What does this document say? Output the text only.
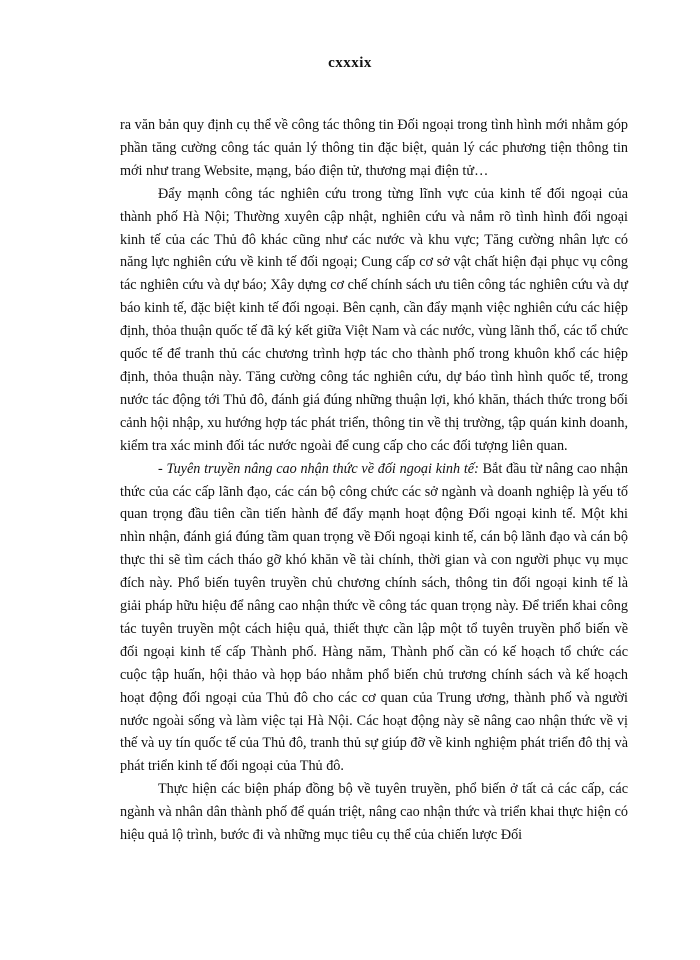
cxxxix

ra văn bản quy định cụ thể về công tác thông tin Đối ngoại trong tình hình mới nhằm góp phần tăng cường công tác quản lý thông tin đặc biệt, quản lý các phương tiện thông tin mới như trang Website, mạng, báo điện tử, thương mại điện tử…

Đẩy mạnh công tác nghiên cứu trong từng lĩnh vực của kinh tế đối ngoại của thành phố Hà Nội; Thường xuyên cập nhật, nghiên cứu và nắm rõ tình hình đối ngoại kinh tế của các Thủ đô khác cũng như các nước và khu vực; Tăng cường nhân lực có năng lực nghiên cứu về kinh tế đối ngoại; Cung cấp cơ sở vật chất hiện đại phục vụ công tác nghiên cứu và dự báo; Xây dựng cơ chế chính sách ưu tiên công tác nghiên cứu và dự báo kinh tế, đặc biệt kinh tế đối ngoại. Bên cạnh, cần đẩy mạnh việc nghiên cứu các hiệp định, thỏa thuận quốc tế đã ký kết giữa Việt Nam và các nước, vùng lãnh thổ, các tổ chức quốc tế để tranh thủ các chương trình hợp tác cho thành phố trong khuôn khổ các hiệp định, thỏa thuận này. Tăng cường công tác nghiên cứu, dự báo tình hình quốc tế, trong nước tác động tới Thủ đô, đánh giá đúng những thuận lợi, khó khăn, thách thức trong bối cảnh hội nhập, xu hướng hợp tác phát triển, thông tin về thị trường, tập quán kinh doanh, kiểm tra xác minh đối tác nước ngoài để cung cấp cho các đối tượng liên quan.

- Tuyên truyền nâng cao nhận thức về đối ngoại kinh tế: Bắt đầu từ nâng cao nhận thức của các cấp lãnh đạo, các cán bộ công chức các sở ngành và doanh nghiệp là yếu tố quan trọng đầu tiên cần tiến hành để đẩy mạnh hoạt động Đối ngoại kinh tế. Một khi nhìn nhận, đánh giá đúng tầm quan trọng về Đối ngoại kinh tế, cán bộ lãnh đạo và cán bộ thực thi sẽ tìm cách tháo gỡ khó khăn về tài chính, thời gian và con người phục vụ mục đích này. Phổ biến tuyên truyền chủ chương chính sách, thông tin đối ngoại kinh tế là giải pháp hữu hiệu để nâng cao nhận thức về công tác quan trọng này. Để triển khai công tác tuyên truyền một cách hiệu quả, thiết thực cần lập một tổ tuyên truyền phổ biến về đối ngoại kinh tế cấp Thành phố. Hàng năm, Thành phố cần có kế hoạch tổ chức các cuộc tập huấn, hội thảo và họp báo nhằm phổ biến chủ trương chính sách và kế hoạch hoạt động đối ngoại của Thủ đô cho các cơ quan của Trung ương, thành phố và người nước ngoài sống và làm việc tại Hà Nội. Các hoạt động này sẽ nâng cao nhận thức về vị thế và uy tín quốc tế của Thủ đô, tranh thủ sự giúp đỡ về kinh nghiệm phát triển đô thị và phát triển kinh tế đối ngoại của Thủ đô.

Thực hiện các biện pháp đồng bộ về tuyên truyền, phổ biến ở tất cả các cấp, các ngành và nhân dân thành phố để quán triệt, nâng cao nhận thức và triển khai thực hiện có hiệu quả lộ trình, bước đi và những mục tiêu cụ thể của chiến lược Đối
